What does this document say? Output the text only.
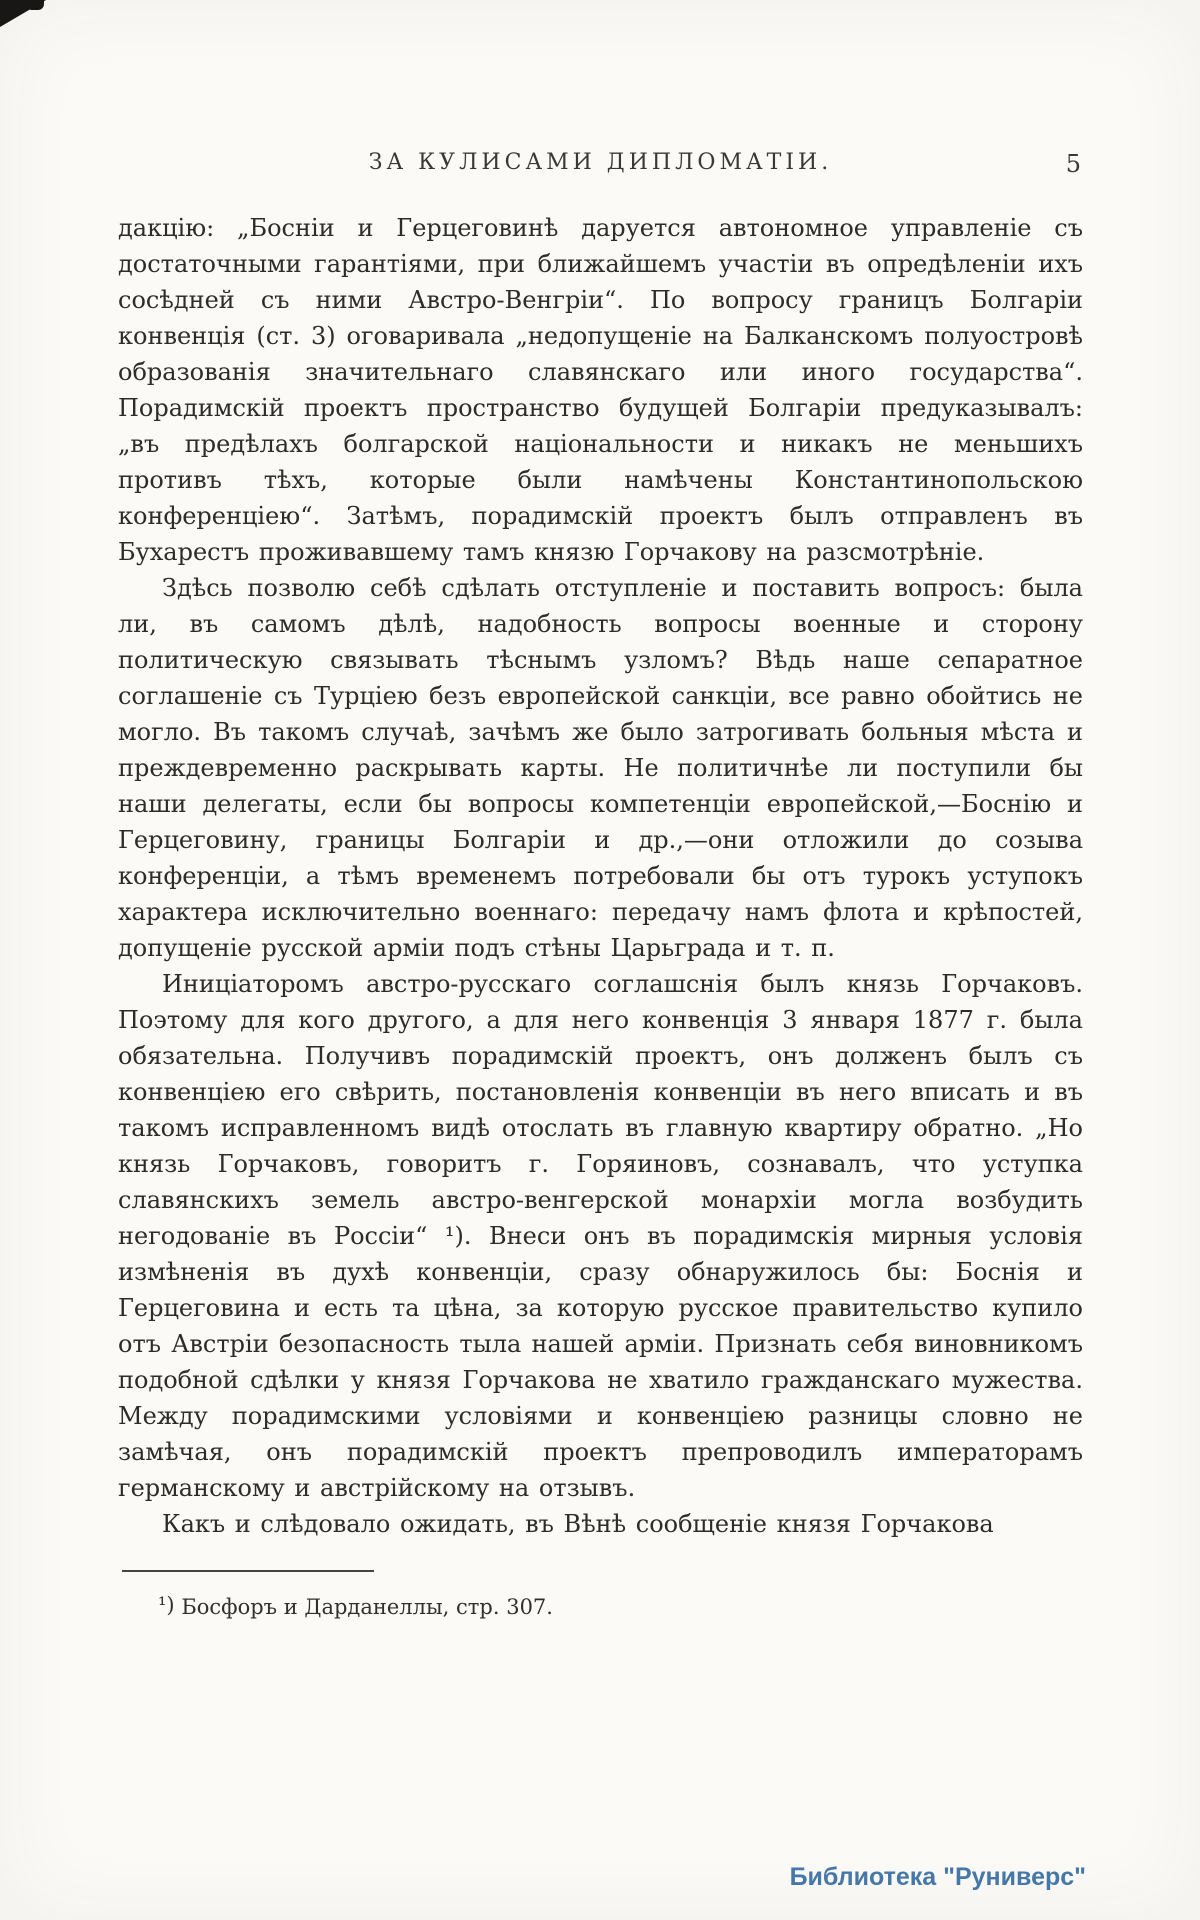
ЗА КУЛИСАМИ ДИПЛОМАТІИ.	5

дакцію: „Босніи и Герцеговинѣ даруется автономное управленіе съ достаточными гарантіями, при ближайшемъ участіи въ опредѣленіи ихъ сосѣдней съ ними Австро-Венгріи“. По вопросу границъ Болгаріи конвенція (ст. 3) оговаривала „недопущеніе на Балканскомъ полуостровѣ образованія значительнаго славянскаго или иного государства“. Порадимскій проектъ пространство будущей Болгаріи предуказывалъ: „въ предѣлахъ болгарской національности и никакъ не меньшихъ противъ тѣхъ, которые были намѣчены Константинопольскою конференціею“. Затѣмъ, порадимскій проектъ былъ отправленъ въ Бухарестъ проживавшему тамъ князю Горчакову на разсмотрѣніе.

Здѣсь позволю себѣ сдѣлать отступленіе и поставить вопросъ: была ли, въ самомъ дѣлѣ, надобность вопросы военные и сторону политическую связывать тѣснымъ узломъ? Вѣдь наше сепаратное соглашеніе съ Турціею безъ европейской санкціи, все равно обойтись не могло. Въ такомъ случаѣ, зачѣмъ же было затрогивать больныя мѣста и преждевременно раскрывать карты. Не политичнѣе ли поступили бы наши делегаты, если бы вопросы компетенціи европейской,—Боснію и Герцеговину, границы Болгаріи и др.,—они отложили до созыва конференціи, а тѣмъ временемъ потребовали бы отъ турокъ уступокъ характера исключительно военнаго: передачу намъ флота и крѣпостей, допущеніе русской арміи подъ стѣны Царьграда и т. п.

Иниціаторомъ австро-русскаго соглашснія былъ князь Горчаковъ. Поэтому для кого другого, а для него конвенція 3 января 1877 г. была обязательна. Получивъ порадимскій проектъ, онъ долженъ былъ съ конвенціею его свѣрить, постановленія конвенціи въ него вписать и въ такомъ исправленномъ видѣ отослать въ главную квартиру обратно. „Но князь Горчаковъ, говоритъ г. Горяиновъ, сознавалъ, что уступка славянскихъ земель австро-венгерской монархіи могла возбудить негодованіе въ Россіи“ ¹). Внеси онъ въ порадимскія мирныя условія измѣненія въ духѣ конвенціи, сразу обнаружилось бы: Боснія и Герцеговина и есть та цѣна, за которую русское правительство купило отъ Австріи безопасность тыла нашей арміи. Признать себя виновникомъ подобной сдѣлки у князя Горчакова не хватило гражданскаго мужества. Между порадимскими условіями и конвенціею разницы словно не замѣчая, онъ порадимскій проектъ препроводилъ императорамъ германскому и австрійскому на отзывъ.

Какъ и слѣдовало ожидать, въ Вѣнѣ сообщеніе князя Горчакова

¹) Босфоръ и Дарданеллы, стр. 307.
Библиотека "Руниверс"
